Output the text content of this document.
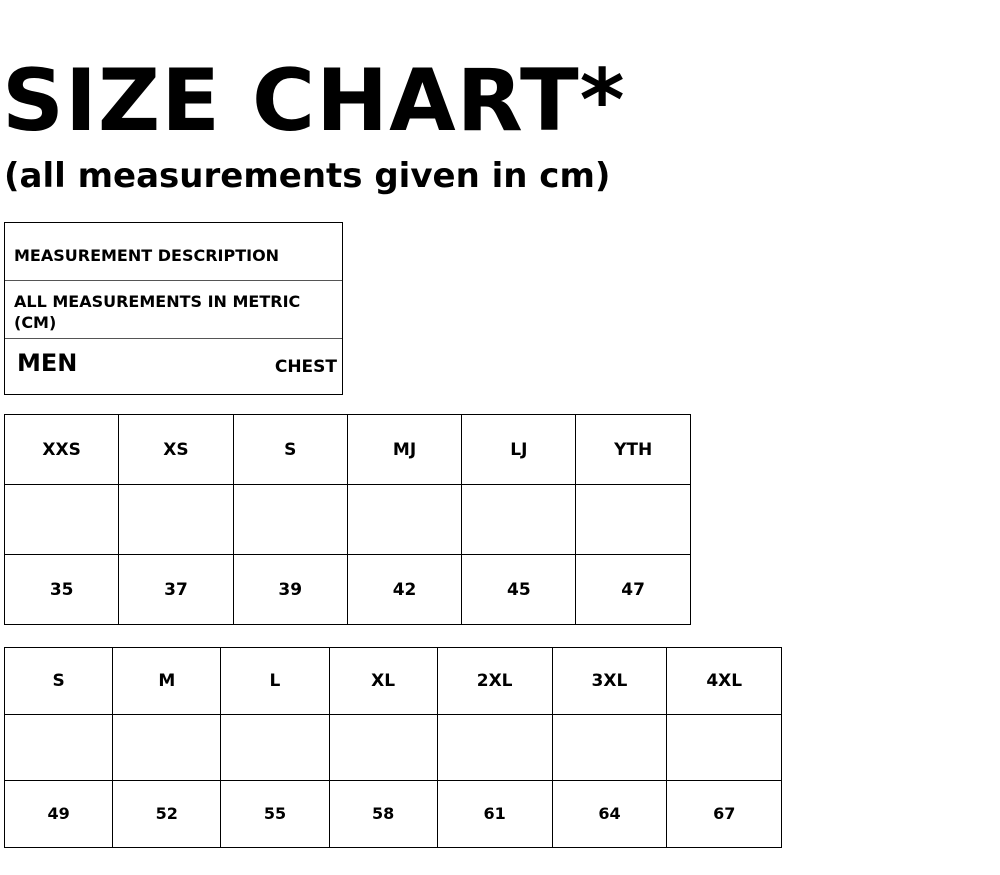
SIZE CHART*
(all measurements given in cm)
MEASUREMENT DESCRIPTION
ALL MEASUREMENTS IN METRIC (CM)
MEN	CHEST
XXS	XS	S	MJ	LJ	YTH

35	37	39	42	45	47
S	M	L	XL	2XL	3XL	4XL

49	52	55	58	61	64	67
